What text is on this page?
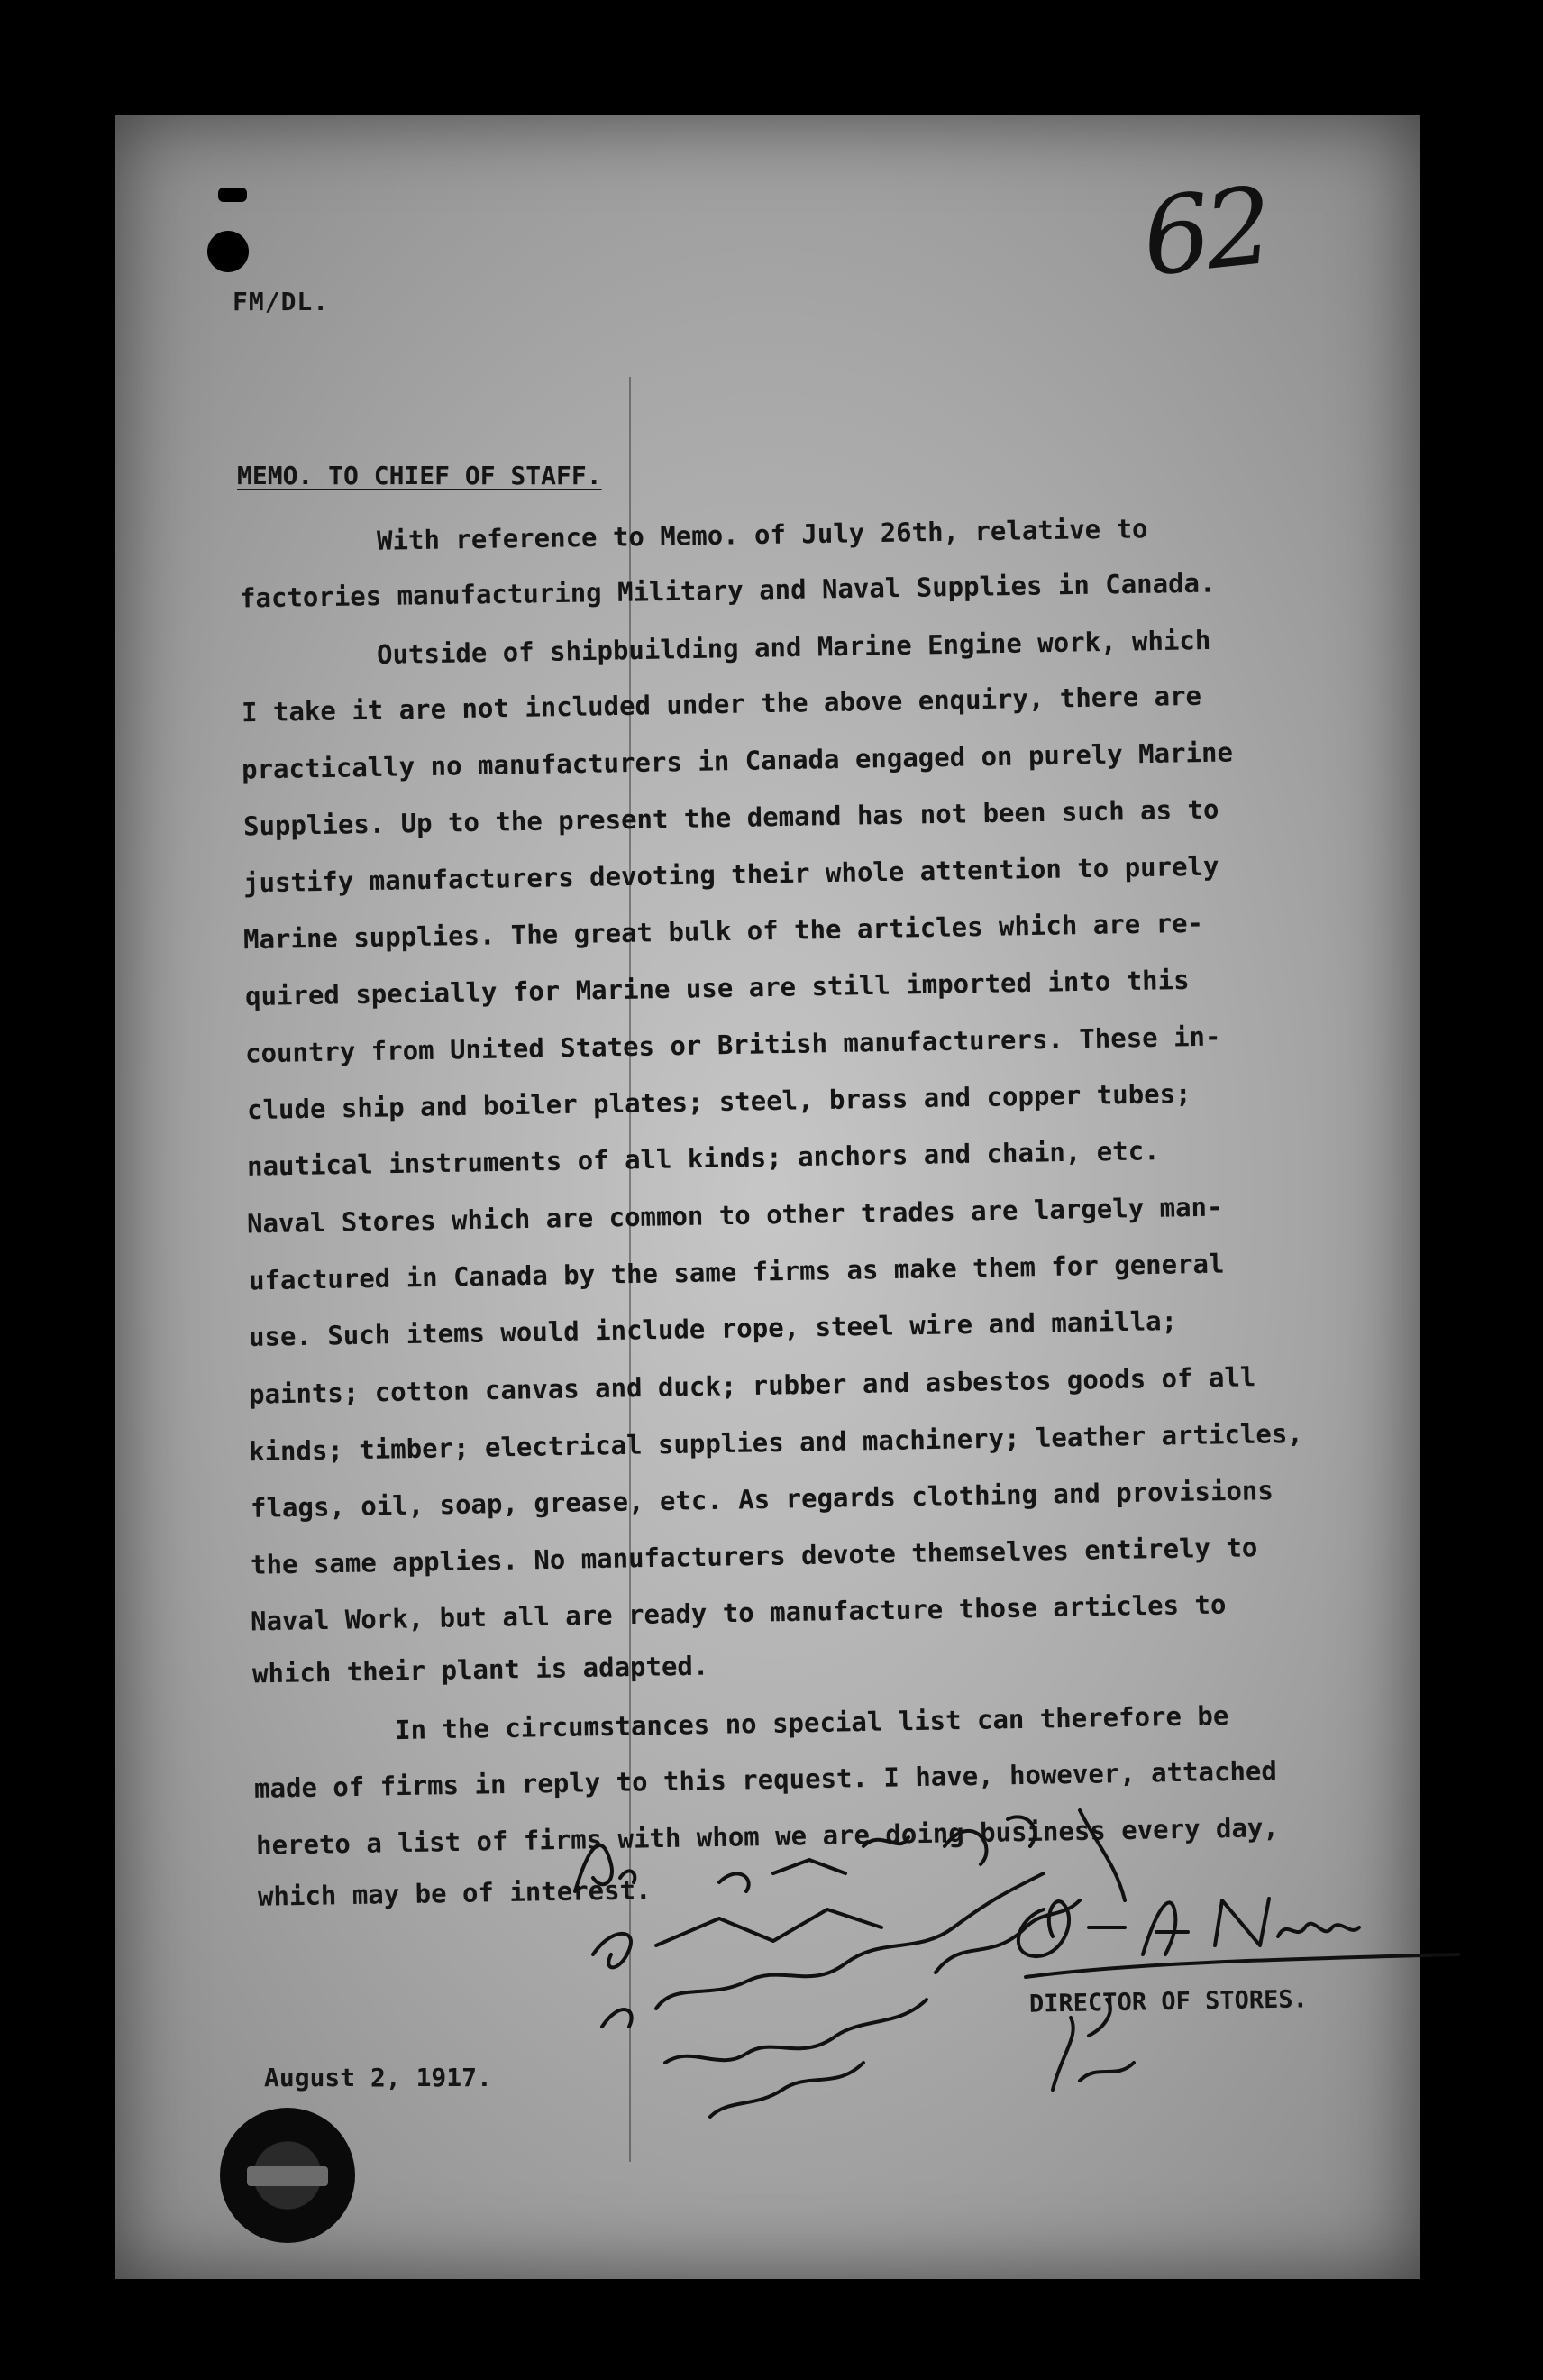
62
FM/DL.
MEMO. TO CHIEF OF STAFF.
With reference to Memo. of July 26th, relative to
factories manufacturing Military and Naval Supplies in Canada.
Outside of shipbuilding and Marine Engine work, which
I take it are not included under the above enquiry, there are
practically no manufacturers in Canada engaged on purely Marine
Supplies. Up to the present the demand has not been such as to
justify manufacturers devoting their whole attention to purely
Marine supplies. The great bulk of the articles which are re-
quired specially for Marine use are still imported into this
country from United States or British manufacturers. These in-
clude ship and boiler plates; steel, brass and copper tubes;
nautical instruments of all kinds; anchors and chain, etc.
Naval Stores which are common to other trades are largely man-
ufactured in Canada by the same firms as make them for general
use. Such items would include rope, steel wire and manilla;
paints; cotton canvas and duck; rubber and asbestos goods of all
kinds; timber; electrical supplies and machinery; leather articles,
flags, oil, soap, grease, etc. As regards clothing and provisions
the same applies. No manufacturers devote themselves entirely to
Naval Work, but all are ready to manufacture those articles to
which their plant is adapted.
In the circumstances no special list can therefore be
made of firms in reply to this request. I have, however, attached
hereto a list of firms with whom we are doing business every day,
which may be of interest.
DIRECTOR OF STORES.
August 2, 1917.
